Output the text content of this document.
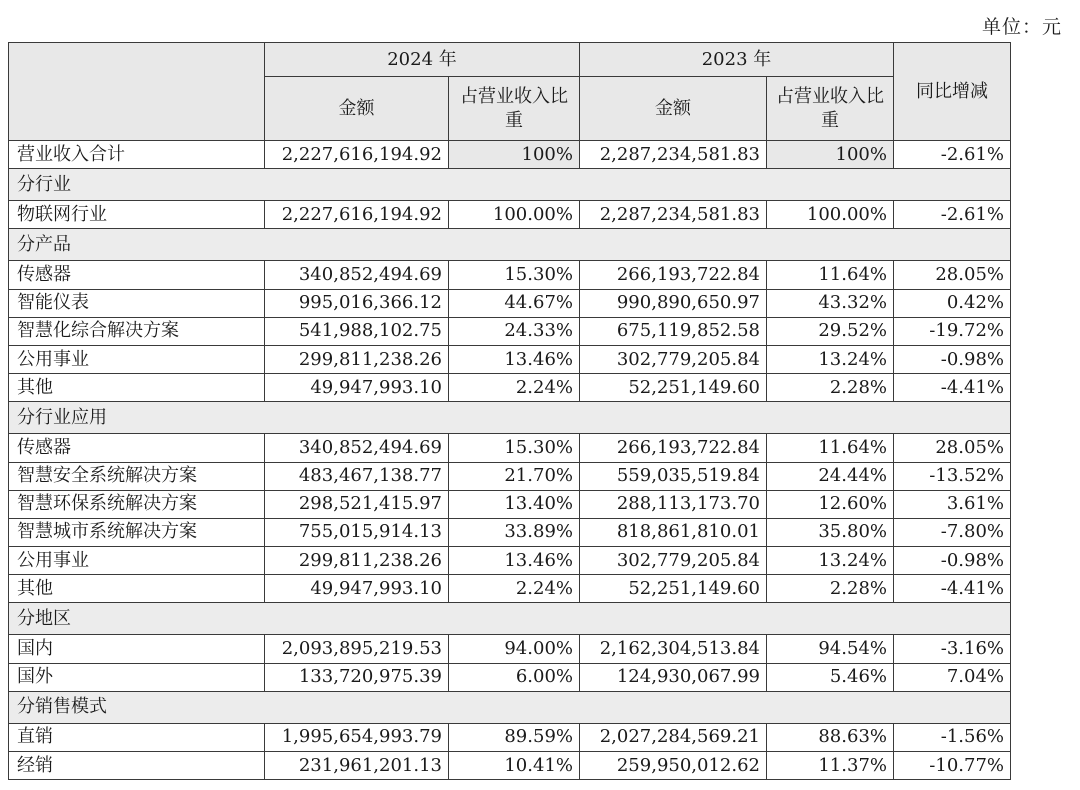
单位：元
	2024 年		2023 年		同比增减
	金额	占营业收入比重	金额	占营业收入比重	
营业收入合计	2,227,616,194.92	100%	2,287,234,581.83	100%	-2.61%
分行业					
物联网行业	2,227,616,194.92	100.00%	2,287,234,581.83	100.00%	-2.61%
分产品					
传感器	340,852,494.69	15.30%	266,193,722.84	11.64%	28.05%
智能仪表	995,016,366.12	44.67%	990,890,650.97	43.32%	0.42%
智慧化综合解决方案	541,988,102.75	24.33%	675,119,852.58	29.52%	-19.72%
公用事业	299,811,238.26	13.46%	302,779,205.84	13.24%	-0.98%
其他	49,947,993.10	2.24%	52,251,149.60	2.28%	-4.41%
分行业应用					
传感器	340,852,494.69	15.30%	266,193,722.84	11.64%	28.05%
智慧安全系统解决方案	483,467,138.77	21.70%	559,035,519.84	24.44%	-13.52%
智慧环保系统解决方案	298,521,415.97	13.40%	288,113,173.70	12.60%	3.61%
智慧城市系统解决方案	755,015,914.13	33.89%	818,861,810.01	35.80%	-7.80%
公用事业	299,811,238.26	13.46%	302,779,205.84	13.24%	-0.98%
其他	49,947,993.10	2.24%	52,251,149.60	2.28%	-4.41%
分地区					
国内	2,093,895,219.53	94.00%	2,162,304,513.84	94.54%	-3.16%
国外	133,720,975.39	6.00%	124,930,067.99	5.46%	7.04%
分销售模式					
直销	1,995,654,993.79	89.59%	2,027,284,569.21	88.63%	-1.56%
经销	231,961,201.13	10.41%	259,950,012.62	11.37%	-10.77%
